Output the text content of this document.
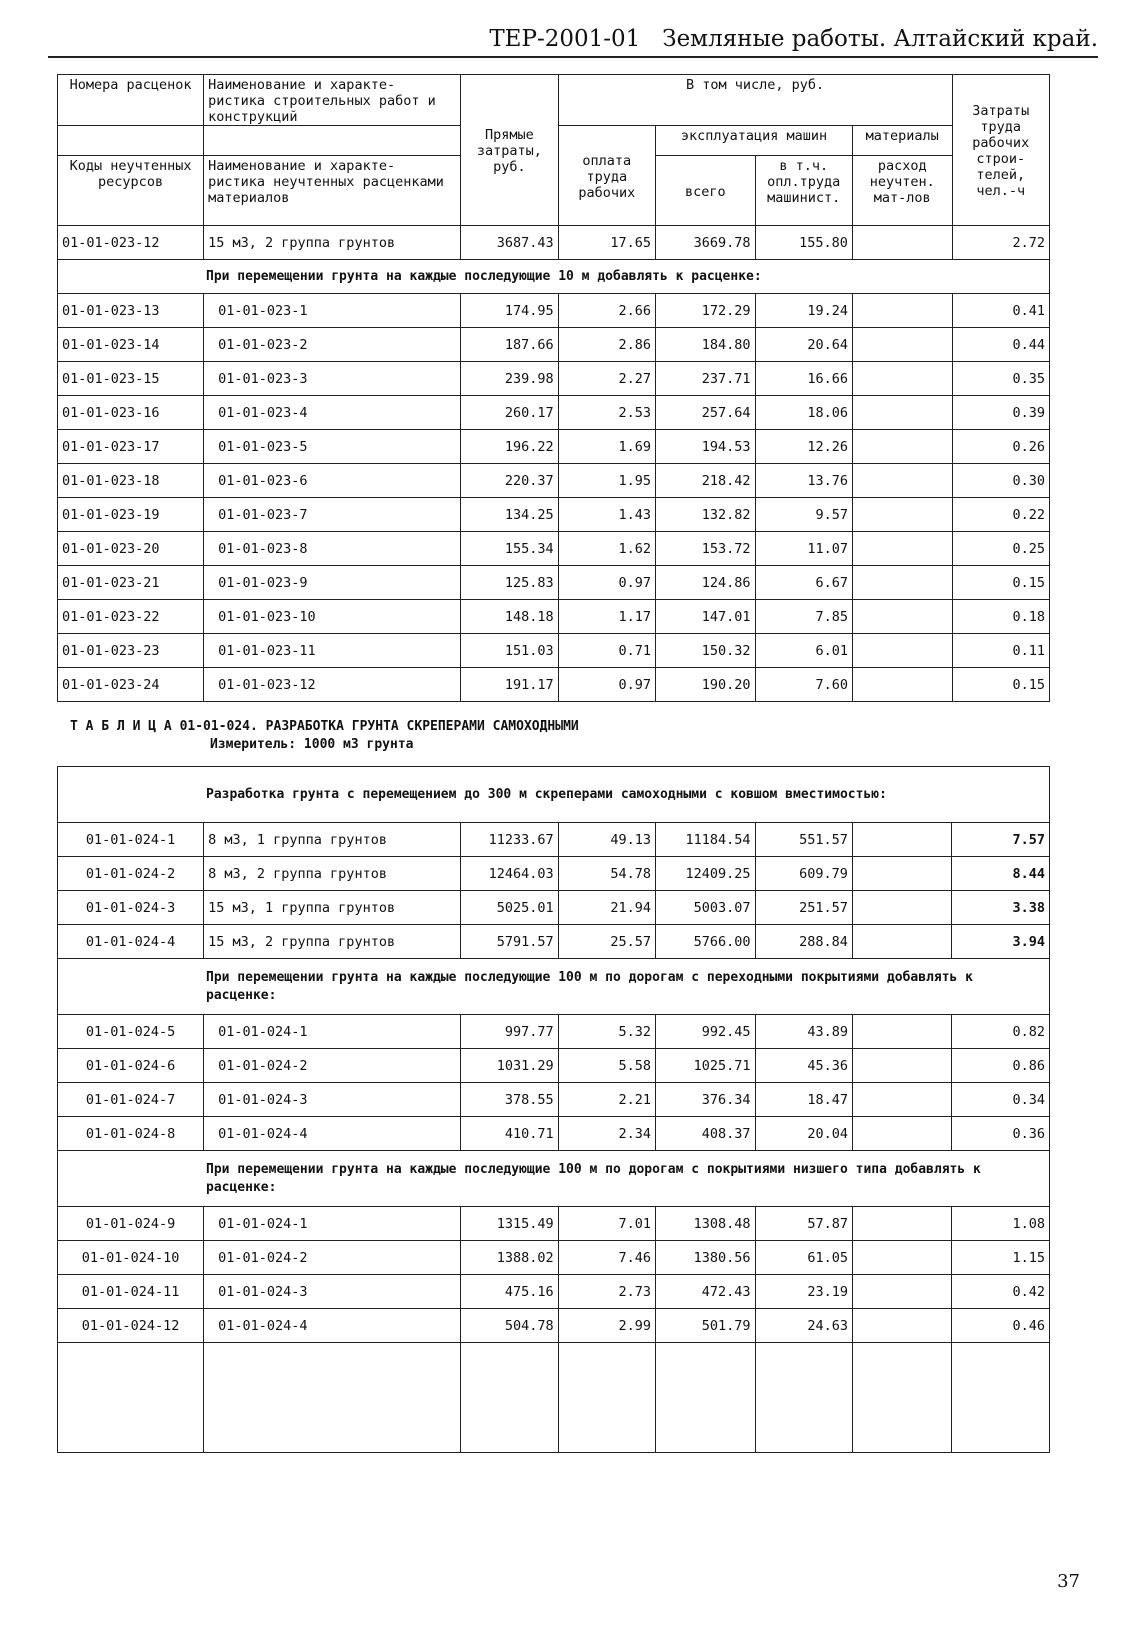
ТЕР-2001-01 Земляные работы. Алтайский край.
Номера расценок	Наименование и характе- ристика строительных работ и конструкций	Прямые затраты, руб.	В том числе, руб.				Затраты труда рабочих строи- телей, чел.-ч
			оплата труда рабочих	эксплуатация машин		материалы	
Коды неучтенных ресурсов	Наименование и характе- ристика неучтенных расценками материалов			всего	в т.ч. опл.труда машинист.	расход неучтен. мат-лов	

01-01-023-12	15 м3, 2 группа грунтов	3687.43	17.65	3669.78	155.80		2.72
При перемещении грунта на каждые последующие 10 м добавлять к расценке:							
01-01-023-13	01-01-023-1	174.95	2.66	172.29	19.24		0.41
01-01-023-14	01-01-023-2	187.66	2.86	184.80	20.64		0.44
01-01-023-15	01-01-023-3	239.98	2.27	237.71	16.66		0.35
01-01-023-16	01-01-023-4	260.17	2.53	257.64	18.06		0.39
01-01-023-17	01-01-023-5	196.22	1.69	194.53	12.26		0.26
01-01-023-18	01-01-023-6	220.37	1.95	218.42	13.76		0.30
01-01-023-19	01-01-023-7	134.25	1.43	132.82	9.57		0.22
01-01-023-20	01-01-023-8	155.34	1.62	153.72	11.07		0.25
01-01-023-21	01-01-023-9	125.83	0.97	124.86	6.67		0.15
01-01-023-22	01-01-023-10	148.18	1.17	147.01	7.85		0.18
01-01-023-23	01-01-023-11	151.03	0.71	150.32	6.01		0.11
01-01-023-24	01-01-023-12	191.17	0.97	190.20	7.60		0.15
Т А Б Л И Ц А 01-01-024. РАЗРАБОТКА ГРУНТА СКРЕПЕРАМИ САМОХОДНЫМИ
Измеритель: 1000 м3 грунта
Разработка грунта с перемещением до 300 м скреперами самоходными с ковшом вместимостью:							
01-01-024-1	8 м3, 1 группа грунтов	11233.67	49.13	11184.54	551.57		7.57
01-01-024-2	8 м3, 2 группа грунтов	12464.03	54.78	12409.25	609.79		8.44
01-01-024-3	15 м3, 1 группа грунтов	5025.01	21.94	5003.07	251.57		3.38
01-01-024-4	15 м3, 2 группа грунтов	5791.57	25.57	5766.00	288.84		3.94
При перемещении грунта на каждые последующие 100 м по дорогам с переходными покрытиями добавлять к расценке:							
01-01-024-5	01-01-024-1	997.77	5.32	992.45	43.89		0.82
01-01-024-6	01-01-024-2	1031.29	5.58	1025.71	45.36		0.86
01-01-024-7	01-01-024-3	378.55	2.21	376.34	18.47		0.34
01-01-024-8	01-01-024-4	410.71	2.34	408.37	20.04		0.36
При перемещении грунта на каждые последующие 100 м по дорогам с покрытиями низшего типа добавлять к расценке:							
01-01-024-9	01-01-024-1	1315.49	7.01	1308.48	57.87		1.08
01-01-024-10	01-01-024-2	1388.02	7.46	1380.56	61.05		1.15
01-01-024-11	01-01-024-3	475.16	2.73	472.43	23.19		0.42
01-01-024-12	01-01-024-4	504.78	2.99	501.79	24.63		0.46

37
